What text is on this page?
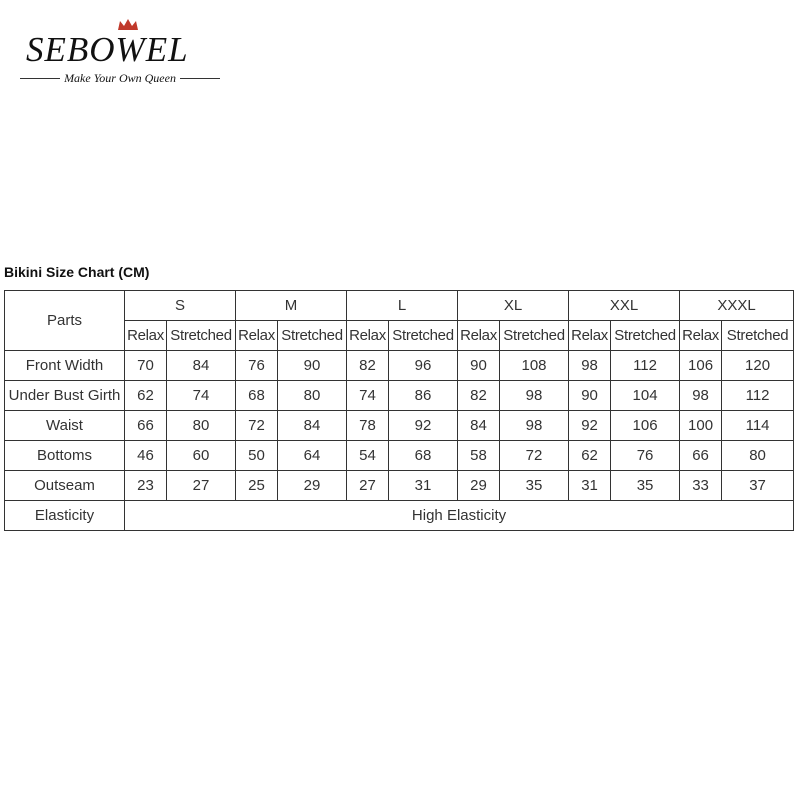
SEBOWEL
Make Your Own Queen
Bikini Size Chart (CM)
Parts	S		M		L		XL		XXL		XXXL	
	Relax	Stretched	Relax	Stretched	Relax	Stretched	Relax	Stretched	Relax	Stretched	Relax	Stretched
Front Width	70	84	76	90	82	96	90	108	98	112	106	120
Under Bust Girth	62	74	68	80	74	86	82	98	90	104	98	112
Waist	66	80	72	84	78	92	84	98	92	106	100	114
Bottoms	46	60	50	64	54	68	58	72	62	76	66	80
Outseam	23	27	25	29	27	31	29	35	31	35	33	37
Elasticity	High Elasticity											
